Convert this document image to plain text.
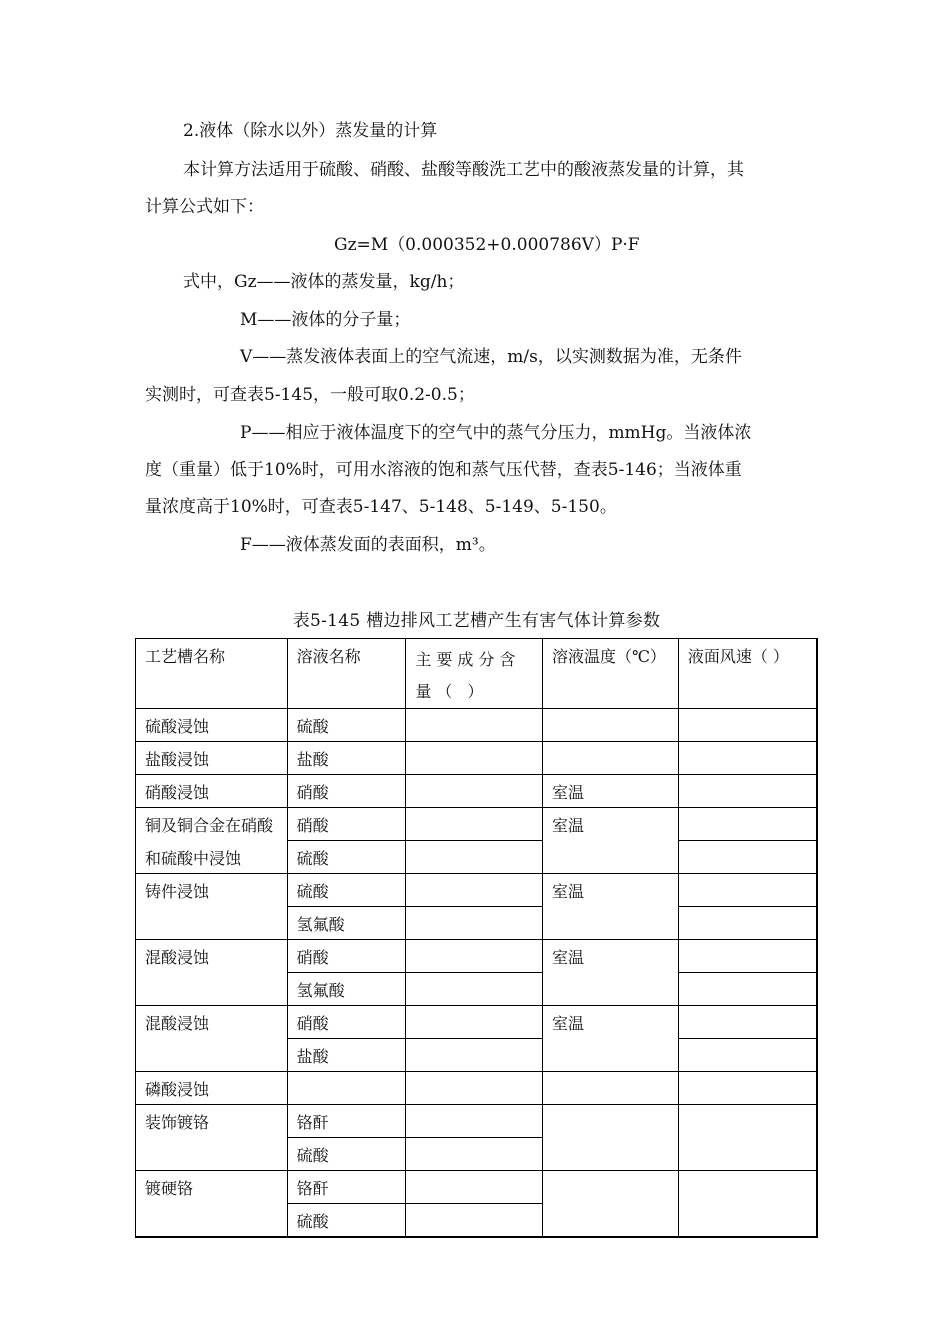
2.液体（除水以外）蒸发量的计算
本计算方法适用于硫酸、硝酸、盐酸等酸洗工艺中的酸液蒸发量的计算，其
计算公式如下：
Gz=M（0.000352+0.000786V）P·F
式中，Gz——液体的蒸发量，kg/h；
M——液体的分子量；
V——蒸发液体表面上的空气流速，m/s，以实测数据为准，无条件
实测时，可查表5-145，一般可取0.2-0.5；
P——相应于液体温度下的空气中的蒸气分压力，mmHg。当液体浓
度（重量）低于10%时，可用水溶液的饱和蒸气压代替，查表5-146；当液体重
量浓度高于10%时，可查表5-147、5-148、5-149、5-150。
F——液体蒸发面的表面积，m³。
表5-145 槽边排风工艺槽产生有害气体计算参数
工艺槽名称	溶液名称	主要成分含量（ ）	溶液温度（℃）	液面风速（ ）
硫酸浸蚀	硫酸			
盐酸浸蚀	盐酸			
硝酸浸蚀	硝酸		室温	
铜及铜合金在硝酸	硝酸		室温	
和硫酸中浸蚀	硫酸			
铸件浸蚀	硫酸		室温	
	氢氟酸			
混酸浸蚀	硝酸		室温	
	氢氟酸			
混酸浸蚀	硝酸		室温	
	盐酸			
磷酸浸蚀				
装饰镀铬	铬酐			
	硫酸			
镀硬铬	铬酐			
	硫酸			
